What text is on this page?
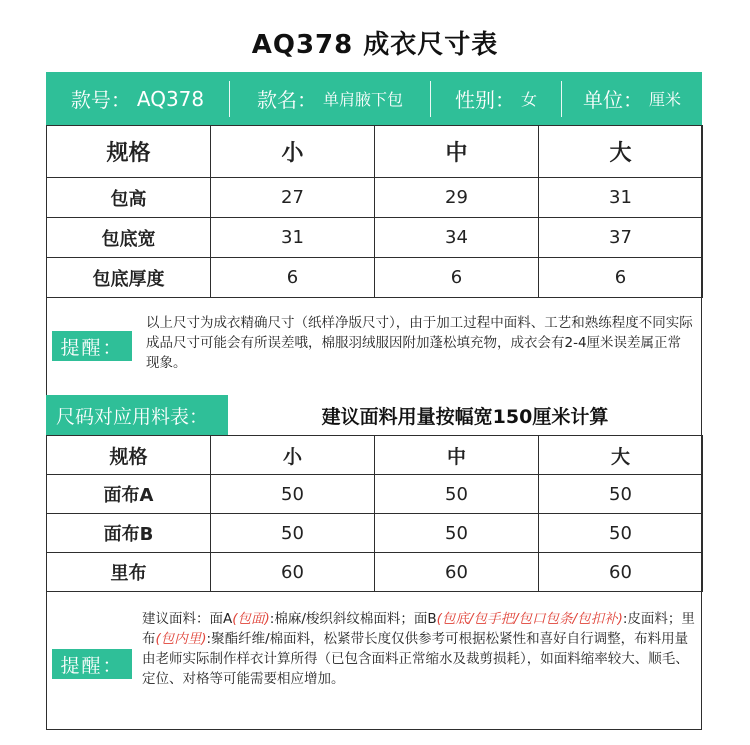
AQ378 成衣尺寸表
款号： AQ378	款名： 单肩腋下包	性别： 女 单位： 厘米
规格	小	中	大
包高	27	29	31
包底宽	31	34	37
包底厚度	6	6	6
提醒：
以上尺寸为成衣精确尺寸（纸样净版尺寸），由于加工过程中面料、工艺和熟练程度不同实际成品尺寸可能会有所误差哦，棉服羽绒服因附加蓬松填充物，成衣会有2-4厘米误差属正常现象。
尺码对应用料表：	建议面料用量按幅宽150厘米计算
规格	小	中	大
面布A	50	50	50
面布B	50	50	50
里布	60	60	60
提醒：
建议面料：面A(包面):棉麻/梭织斜纹棉面料；面B(包底/包手把/包口包条/包扣补):皮面料；里布(包内里):聚酯纤维/棉面料，松紧带长度仅供参考可根据松紧性和喜好自行调整，布料用量由老师实际制作样衣计算所得（已包含面料正常缩水及裁剪损耗），如面料缩率较大、顺毛、定位、对格等可能需要相应增加。
